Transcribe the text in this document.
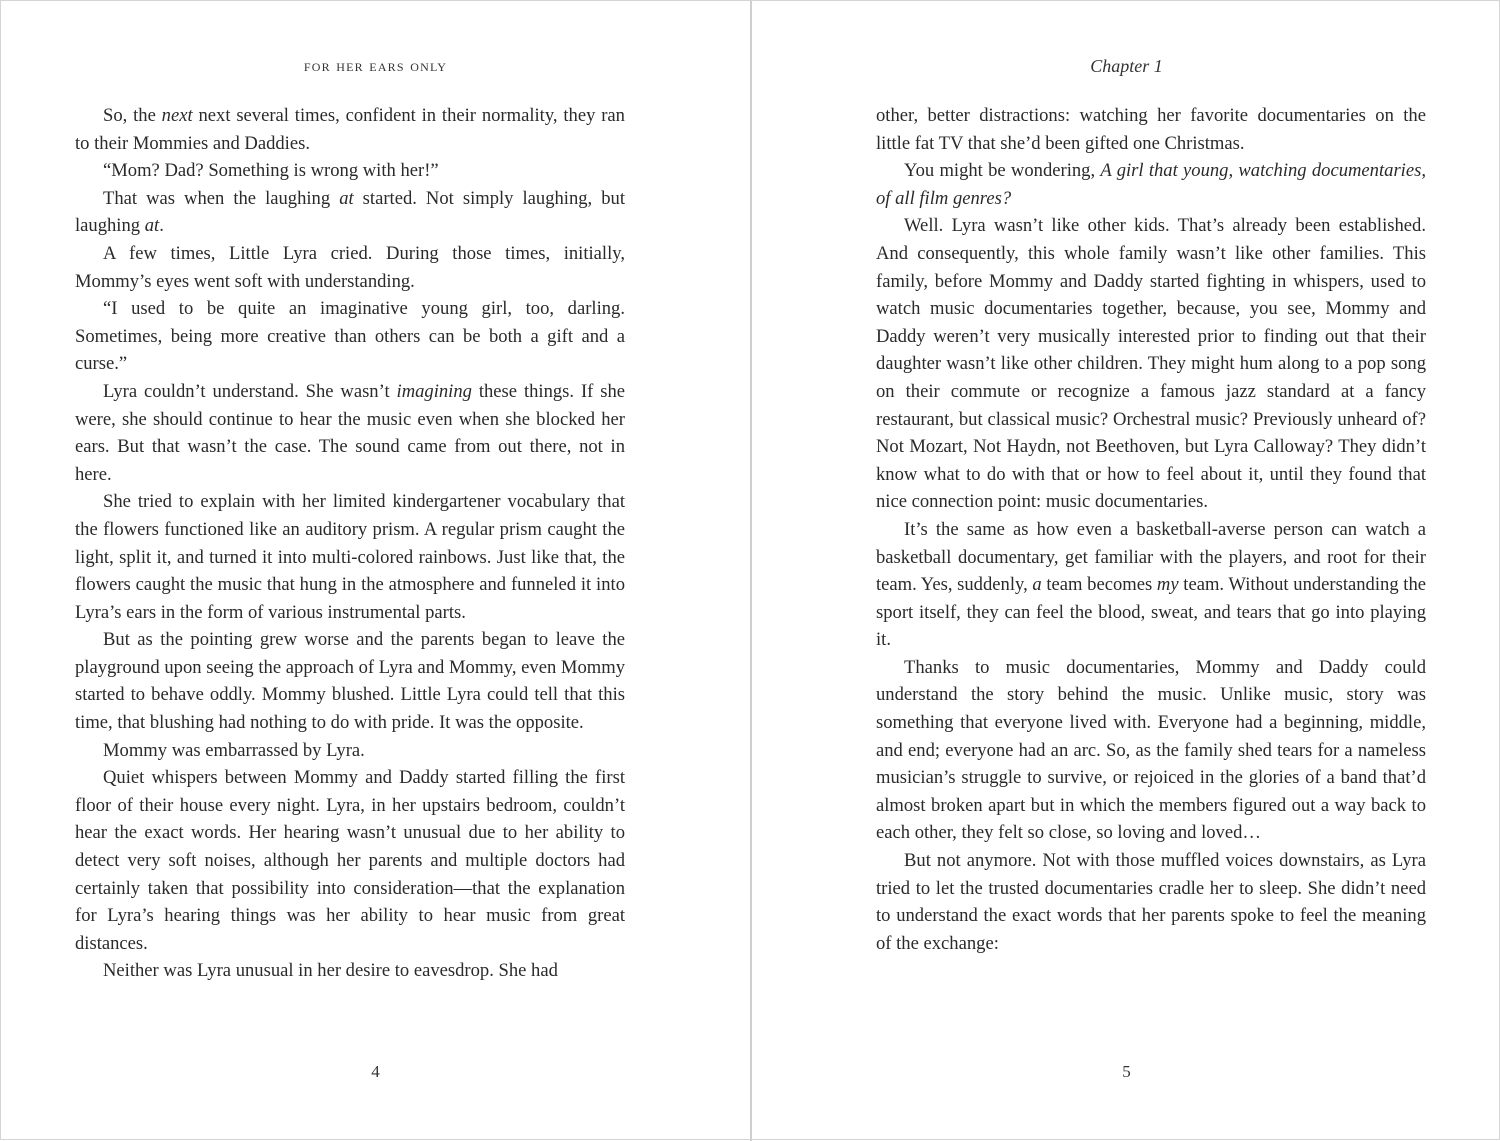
for her ears only

So, the next next several times, confident in their normality, they ran to their Mommies and Daddies.

“Mom? Dad? Something is wrong with her!”

That was when the laughing at started. Not simply laughing, but laughing at.

A few times, Little Lyra cried. During those times, initially, Mommy’s eyes went soft with understanding.

“I used to be quite an imaginative young girl, too, darling. Sometimes, being more creative than others can be both a gift and a curse.”

Lyra couldn’t understand. She wasn’t imagining these things. If she were, she should continue to hear the music even when she blocked her ears. But that wasn’t the case. The sound came from out there, not in here.

She tried to explain with her limited kindergartener vocabulary that the flowers functioned like an auditory prism. A regular prism caught the light, split it, and turned it into multi-colored rainbows. Just like that, the flowers caught the music that hung in the atmosphere and funneled it into Lyra’s ears in the form of various instrumental parts.

But as the pointing grew worse and the parents began to leave the playground upon seeing the approach of Lyra and Mommy, even Mommy started to behave oddly. Mommy blushed. Little Lyra could tell that this time, that blushing had nothing to do with pride. It was the opposite.

Mommy was embarrassed by Lyra.

Quiet whispers between Mommy and Daddy started filling the first floor of their house every night. Lyra, in her upstairs bedroom, couldn’t hear the exact words. Her hearing wasn’t unusual due to her ability to detect very soft noises, although her parents and multiple doctors had certainly taken that possibility into consideration—that the explanation for Lyra’s hearing things was her ability to hear music from great distances.

Neither was Lyra unusual in her desire to eavesdrop. She had

4
Chapter 1

other, better distractions: watching her favorite documentaries on the little fat TV that she’d been gifted one Christmas.

You might be wondering, A girl that young, watching documentaries, of all film genres?

Well. Lyra wasn’t like other kids. That’s already been established. And consequently, this whole family wasn’t like other families. This family, before Mommy and Daddy started fighting in whispers, used to watch music documentaries together, because, you see, Mommy and Daddy weren’t very musically interested prior to finding out that their daughter wasn’t like other children. They might hum along to a pop song on their commute or recognize a famous jazz standard at a fancy restaurant, but classical music? Orchestral music? Previously unheard of? Not Mozart, Not Haydn, not Beethoven, but Lyra Calloway? They didn’t know what to do with that or how to feel about it, until they found that nice connection point: music documentaries.

It’s the same as how even a basketball-averse person can watch a basketball documentary, get familiar with the players, and root for their team. Yes, suddenly, a team becomes my team. Without understanding the sport itself, they can feel the blood, sweat, and tears that go into playing it.

Thanks to music documentaries, Mommy and Daddy could understand the story behind the music. Unlike music, story was something that everyone lived with. Everyone had a beginning, middle, and end; everyone had an arc. So, as the family shed tears for a nameless musician’s struggle to survive, or rejoiced in the glories of a band that’d almost broken apart but in which the members figured out a way back to each other, they felt so close, so loving and loved…

But not anymore. Not with those muffled voices downstairs, as Lyra tried to let the trusted documentaries cradle her to sleep. She didn’t need to understand the exact words that her parents spoke to feel the meaning of the exchange:

5
